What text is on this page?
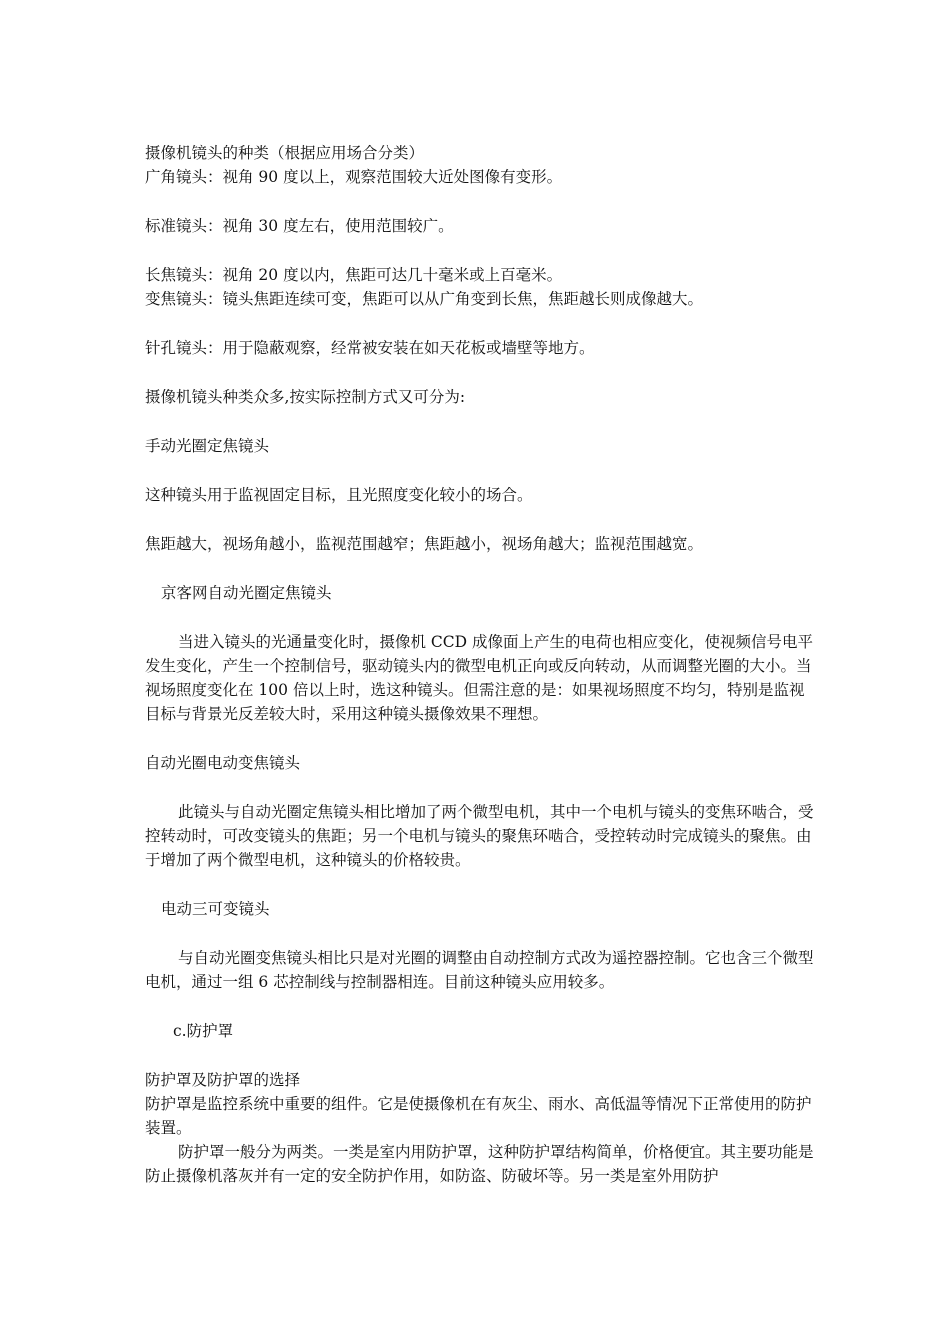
摄像机镜头的种类（根据应用场合分类）

广角镜头：视角 90 度以上，观察范围较大近处图像有变形。

标准镜头：视角 30 度左右，使用范围较广。

长焦镜头：视角 20 度以内，焦距可达几十毫米或上百毫米。

变焦镜头：镜头焦距连续可变，焦距可以从广角变到长焦，焦距越长则成像越大。

针孔镜头：用于隐蔽观察，经常被安装在如天花板或墙壁等地方。

摄像机镜头种类众多,按实际控制方式又可分为:

手动光圈定焦镜头

这种镜头用于监视固定目标，且光照度变化较小的场合。

焦距越大，视场角越小，监视范围越窄；焦距越小，视场角越大；监视范围越宽。

京客网自动光圈定焦镜头

当进入镜头的光通量变化时，摄像机 CCD 成像面上产生的电荷也相应变化，使视频信号电平发生变化，产生一个控制信号，驱动镜头内的微型电机正向或反向转动，从而调整光圈的大小。当视场照度变化在 100 倍以上时，选这种镜头。但需注意的是：如果视场照度不均匀，特别是监视目标与背景光反差较大时，采用这种镜头摄像效果不理想。

自动光圈电动变焦镜头

此镜头与自动光圈定焦镜头相比增加了两个微型电机，其中一个电机与镜头的变焦环啮合，受控转动时，可改变镜头的焦距；另一个电机与镜头的聚焦环啮合，受控转动时完成镜头的聚焦。由于增加了两个微型电机，这种镜头的价格较贵。

电动三可变镜头

与自动光圈变焦镜头相比只是对光圈的调整由自动控制方式改为遥控器控制。它也含三个微型电机，通过一组 6 芯控制线与控制器相连。目前这种镜头应用较多。

c.防护罩

防护罩及防护罩的选择

防护罩是监控系统中重要的组件。它是使摄像机在有灰尘、雨水、高低温等情况下正常使用的防护装置。

防护罩一般分为两类。一类是室内用防护罩，这种防护罩结构简单，价格便宜。其主要功能是防止摄像机落灰并有一定的安全防护作用，如防盗、防破坏等。另一类是室外用防护
